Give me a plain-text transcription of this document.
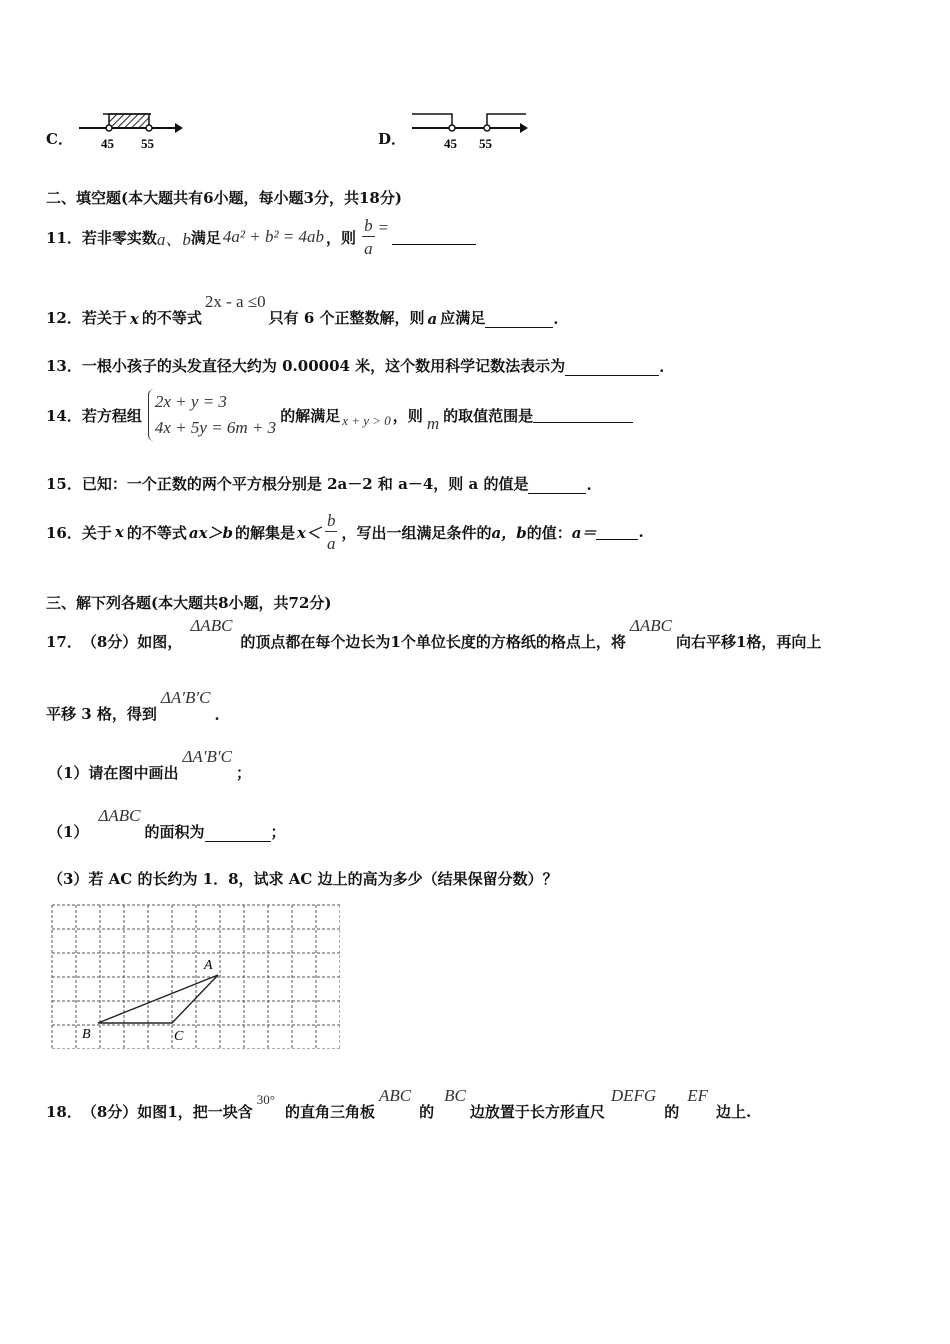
C． 45 55	D．	45 55
二、填空题(本大题共有6小题，每小题3分，共18分)
11． 若非零实数 a、b 满足 4a² + b² = 4ab ，则 $\frac{b}{a}$ =
12． 若关于 x 的不等式
2x - a ≤0
只有 6 个正整数解，则 a 应满足	.
13． 一根小孩子的头发直径大约为 0.00004 米，这个数用科学记数法表示为	.
14． 若方程组
2x + y = 3
4x + 5y = 6m + 3
的解满足 x + y > 0 ，则 m 的取值范围是
15． 已知：一个正数的两个平方根分别是 2a－2 和 a－4，则 a 的值是	.
16． 关于 x 的不等式 ax＞b 的解集是 $x< \frac{b}{a}$ ，写出一组满足条件的 a，b 的值： a＝	.
三、解下列各题(本大题共8小题，共72分)
17． （8分）如图，
ΔABC
的顶点都在每个边长为1个单位长度的方格纸的格点上，将
ΔABC
向右平移1格，再向上
平移 3 格，得到
ΔA′B′C
.
（1）请在图中画出
ΔA′B′C
；
（1）
ΔABC
的面积为	；
（3）若 AC 的长约为 1．8，试求 AC 边上的高为多少（结果保留分数）？
A
B	C
18． （8分）如图1，把一块含
30°
的直角三角板
ABC
的
BC
边放置于长方形直尺
DEFG
的
EF
边上.
